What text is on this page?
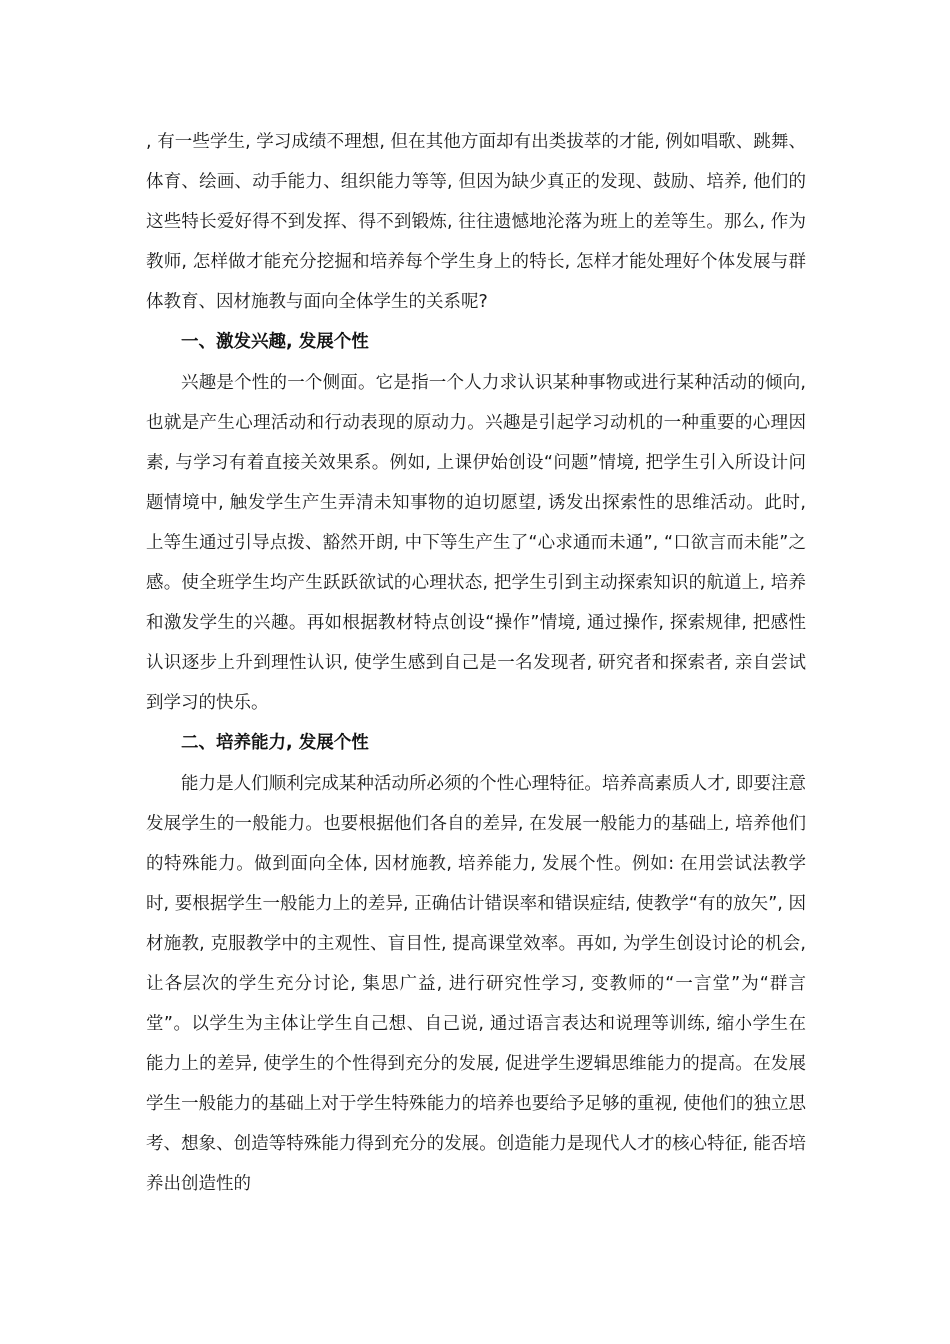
, 有一些学生, 学习成绩不理想, 但在其他方面却有出类拔萃的才能, 例如唱歌、跳舞、体育、绘画、动手能力、组织能力等等, 但因为缺少真正的发现、鼓励、培养, 他们的这些特长爱好得不到发挥、得不到锻炼, 往往遗憾地沦落为班上的差等生。那么, 作为教师, 怎样做才能充分挖掘和培养每个学生身上的特长, 怎样才能处理好个体发展与群体教育、因材施教与面向全体学生的关系呢?

一、激发兴趣, 发展个性

兴趣是个性的一个侧面。它是指一个人力求认识某种事物或进行某种活动的倾向, 也就是产生心理活动和行动表现的原动力。兴趣是引起学习动机的一种重要的心理因素, 与学习有着直接关效果系。例如, 上课伊始创设“问题”情境, 把学生引入所设计问题情境中, 触发学生产生弄清未知事物的迫切愿望, 诱发出探索性的思维活动。此时, 上等生通过引导点拨、豁然开朗, 中下等生产生了“心求通而未通”, “口欲言而未能”之感。使全班学生均产生跃跃欲试的心理状态, 把学生引到主动探索知识的航道上, 培养和激发学生的兴趣。再如根据教材特点创设“操作”情境, 通过操作, 探索规律, 把感性认识逐步上升到理性认识, 使学生感到自己是一名发现者, 研究者和探索者, 亲自尝试到学习的快乐。

二、培养能力, 发展个性

能力是人们顺利完成某种活动所必须的个性心理特征。培养高素质人才, 即要注意发展学生的一般能力。也要根据他们各自的差异, 在发展一般能力的基础上, 培养他们的特殊能力。做到面向全体, 因材施教, 培养能力, 发展个性。例如: 在用尝试法教学时, 要根据学生一般能力上的差异, 正确估计错误率和错误症结, 使教学“有的放矢”, 因材施教, 克服教学中的主观性、盲目性, 提高课堂效率。再如, 为学生创设讨论的机会, 让各层次的学生充分讨论, 集思广益, 进行研究性学习, 变教师的“一言堂”为“群言堂”。以学生为主体让学生自己想、自己说, 通过语言表达和说理等训练, 缩小学生在能力上的差异, 使学生的个性得到充分的发展, 促进学生逻辑思维能力的提高。在发展学生一般能力的基础上对于学生特殊能力的培养也要给予足够的重视, 使他们的独立思考、想象、创造等特殊能力得到充分的发展。创造能力是现代人才的核心特征, 能否培养出创造性的
